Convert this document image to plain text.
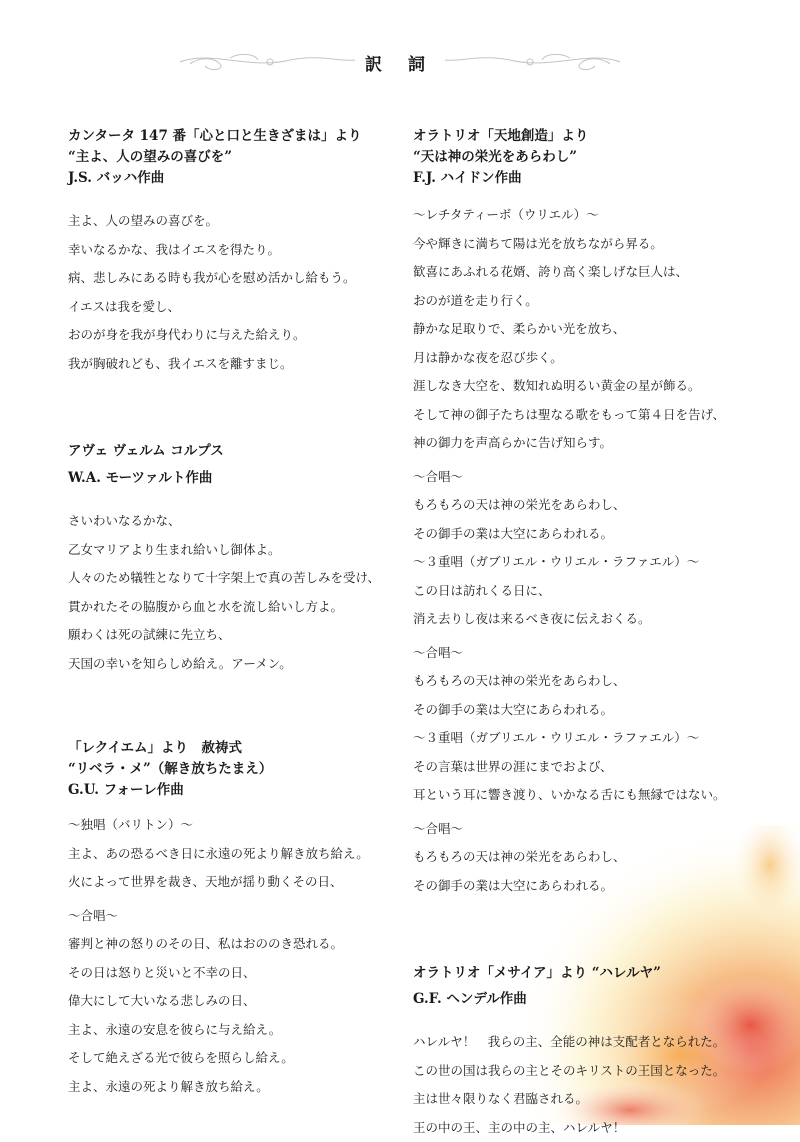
訳 詞
カンタータ 147 番「心と口と生きざまは」より
“主よ、人の望みの喜びを”
J.S. バッハ作曲
主よ、人の望みの喜びを。
幸いなるかな、我はイエスを得たり。
病、悲しみにある時も我が心を慰め活かし給もう。
イエスは我を愛し、
おのが身を我が身代わりに与えた給えり。
我が胸破れども、我イエスを離すまじ。
アヴェ ヴェルム コルプス
W.A. モーツァルト作曲
さいわいなるかな、
乙女マリアより生まれ給いし御体よ。
人々のため犠牲となりて十字架上で真の苦しみを受け、
貫かれたその脇腹から血と水を流し給いし方よ。
願わくは死の試練に先立ち、
天国の幸いを知らしめ給え。アーメン。
「レクイエム」より　赦祷式
“リベラ・メ”（解き放ちたまえ）
G.U. フォーレ作曲
〜独唱（バリトン）〜
主よ、あの恐るべき日に永遠の死より解き放ち給え。
火によって世界を裁き、天地が揺り動くその日、
〜合唱〜
審判と神の怒りのその日、私はおののき恐れる。
その日は怒りと災いと不幸の日、
偉大にして大いなる悲しみの日、
主よ、永遠の安息を彼らに与え給え。
そして絶えざる光で彼らを照らし給え。
主よ、永遠の死より解き放ち給え。
オラトリオ「天地創造」より
“天は神の栄光をあらわし”
F.J. ハイドン作曲
〜レチタティーボ（ウリエル）〜
今や輝きに満ちて陽は光を放ちながら昇る。
歓喜にあふれる花婿、誇り高く楽しげな巨人は、
おのが道を走り行く。
静かな足取りで、柔らかい光を放ち、
月は静かな夜を忍び歩く。
涯しなき大空を、数知れぬ明るい黄金の星が飾る。
そして神の御子たちは聖なる歌をもって第４日を告げ、
神の御力を声高らかに告げ知らす。
〜合唱〜
もろもろの天は神の栄光をあらわし、
その御手の業は大空にあらわれる。
〜３重唱（ガブリエル・ウリエル・ラファエル）〜
この日は訪れくる日に、
消え去りし夜は来るべき夜に伝えおくる。
〜合唱〜
もろもろの天は神の栄光をあらわし、
その御手の業は大空にあらわれる。
〜３重唱（ガブリエル・ウリエル・ラファエル）〜
その言葉は世界の涯にまでおよび、
耳という耳に響き渡り、いかなる舌にも無縁ではない。
〜合唱〜
もろもろの天は神の栄光をあらわし、
その御手の業は大空にあらわれる。
オラトリオ「メサイア」より “ハレルヤ”
G.F. ヘンデル作曲
ハレルヤ！　我らの主、全能の神は支配者となられた。
この世の国は我らの主とそのキリストの王国となった。
主は世々限りなく君臨される。
王の中の王、主の中の主、ハレルヤ！
